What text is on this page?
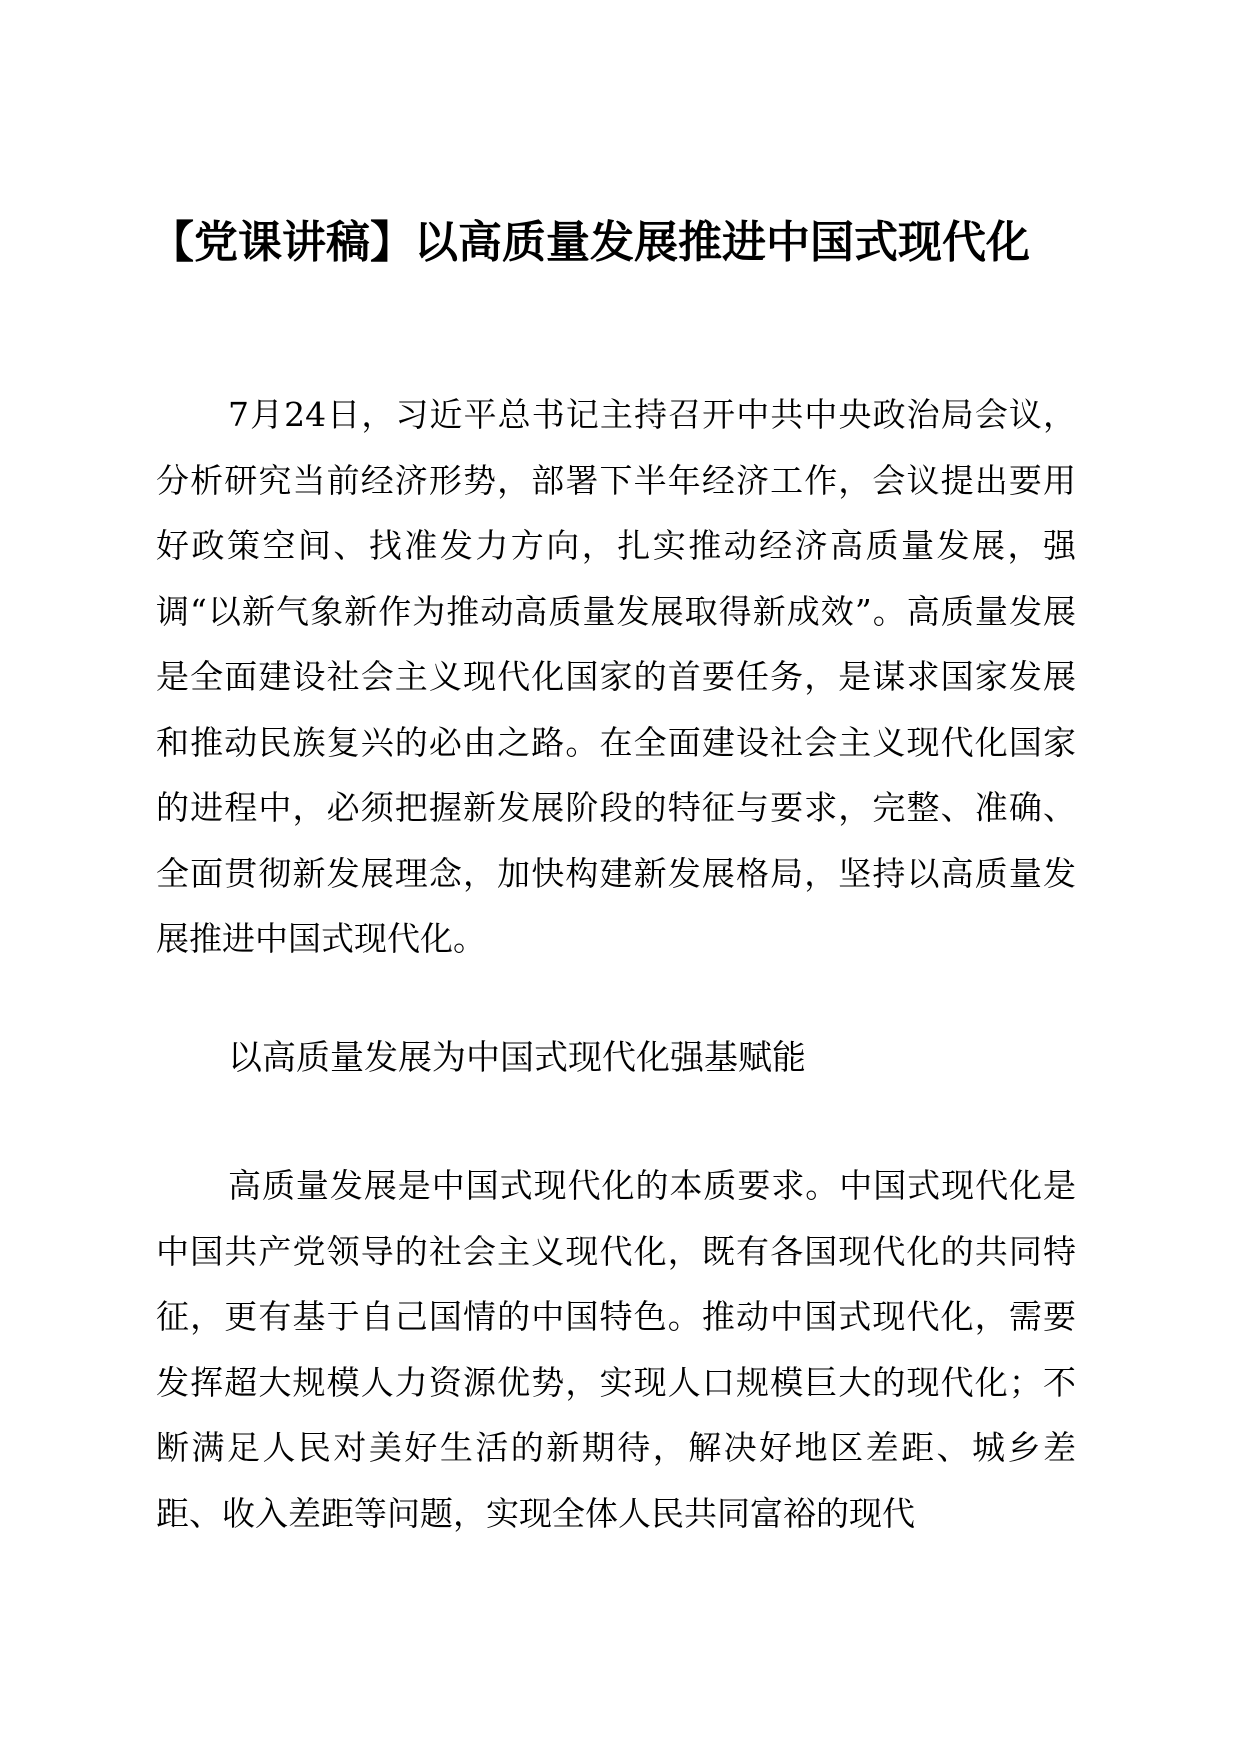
【党课讲稿】以高质量发展推进中国式现代化

7月24日，习近平总书记主持召开中共中央政治局会议，分析研究当前经济形势，部署下半年经济工作，会议提出要用好政策空间、找准发力方向，扎实推动经济高质量发展，强调“以新气象新作为推动高质量发展取得新成效”。高质量发展是全面建设社会主义现代化国家的首要任务，是谋求国家发展和推动民族复兴的必由之路。在全面建设社会主义现代化国家的进程中，必须把握新发展阶段的特征与要求，完整、准确、全面贯彻新发展理念，加快构建新发展格局，坚持以高质量发展推进中国式现代化。

以高质量发展为中国式现代化强基赋能

高质量发展是中国式现代化的本质要求。中国式现代化是中国共产党领导的社会主义现代化，既有各国现代化的共同特征，更有基于自己国情的中国特色。推动中国式现代化，需要发挥超大规模人力资源优势，实现人口规模巨大的现代化；不断满足人民对美好生活的新期待，解决好地区差距、城乡差距、收入差距等问题，实现全体人民共同富裕的现代
